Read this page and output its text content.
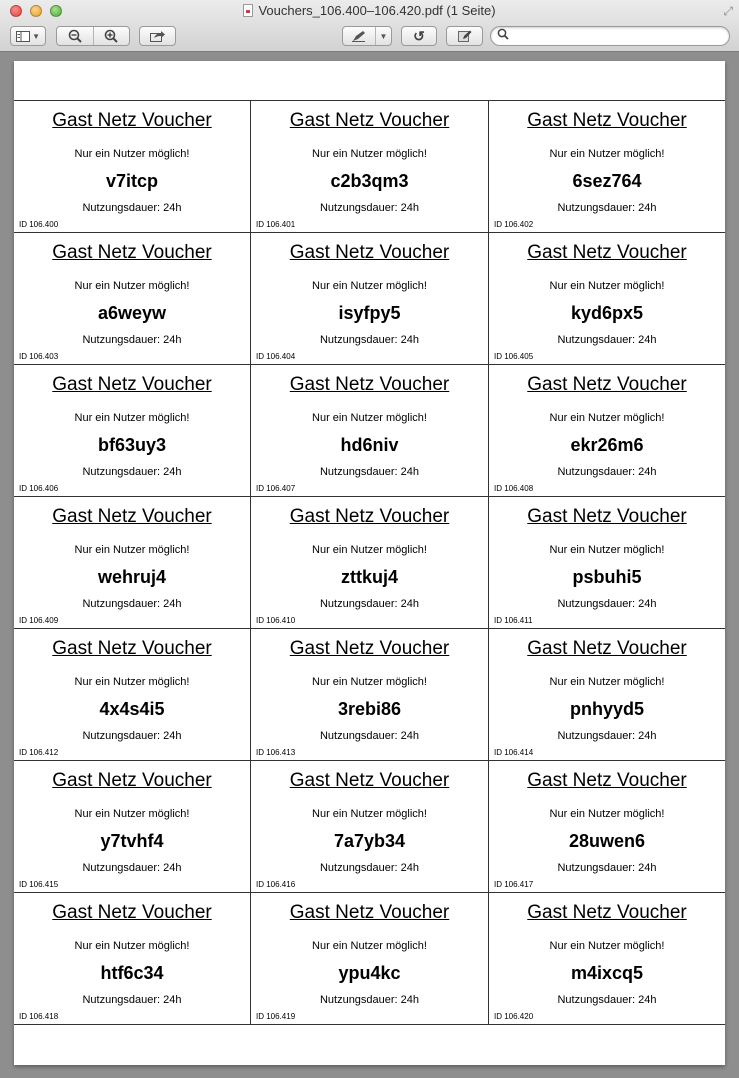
Vouchers_106.400–106.420.pdf (1 Seite)	⤢
▼	▼ ↺
Gast Netz Voucher
Nur ein Nutzer möglich!
v7itcp
Nutzungsdauer: 24h
ID 106.400
Gast Netz Voucher
Nur ein Nutzer möglich!
c2b3qm3
Nutzungsdauer: 24h
ID 106.401
Gast Netz Voucher
Nur ein Nutzer möglich!
6sez764
Nutzungsdauer: 24h
ID 106.402
Gast Netz Voucher
Nur ein Nutzer möglich!
a6weyw
Nutzungsdauer: 24h
ID 106.403
Gast Netz Voucher
Nur ein Nutzer möglich!
isyfpy5
Nutzungsdauer: 24h
ID 106.404
Gast Netz Voucher
Nur ein Nutzer möglich!
kyd6px5
Nutzungsdauer: 24h
ID 106.405
Gast Netz Voucher
Nur ein Nutzer möglich!
bf63uy3
Nutzungsdauer: 24h
ID 106.406
Gast Netz Voucher
Nur ein Nutzer möglich!
hd6niv
Nutzungsdauer: 24h
ID 106.407
Gast Netz Voucher
Nur ein Nutzer möglich!
ekr26m6
Nutzungsdauer: 24h
ID 106.408
Gast Netz Voucher
Nur ein Nutzer möglich!
wehruj4
Nutzungsdauer: 24h
ID 106.409
Gast Netz Voucher
Nur ein Nutzer möglich!
zttkuj4
Nutzungsdauer: 24h
ID 106.410
Gast Netz Voucher
Nur ein Nutzer möglich!
psbuhi5
Nutzungsdauer: 24h
ID 106.411
Gast Netz Voucher
Nur ein Nutzer möglich!
4x4s4i5
Nutzungsdauer: 24h
ID 106.412
Gast Netz Voucher
Nur ein Nutzer möglich!
3rebi86
Nutzungsdauer: 24h
ID 106.413
Gast Netz Voucher
Nur ein Nutzer möglich!
pnhyyd5
Nutzungsdauer: 24h
ID 106.414
Gast Netz Voucher
Nur ein Nutzer möglich!
y7tvhf4
Nutzungsdauer: 24h
ID 106.415
Gast Netz Voucher
Nur ein Nutzer möglich!
7a7yb34
Nutzungsdauer: 24h
ID 106.416
Gast Netz Voucher
Nur ein Nutzer möglich!
28uwen6
Nutzungsdauer: 24h
ID 106.417
Gast Netz Voucher
Nur ein Nutzer möglich!
htf6c34
Nutzungsdauer: 24h
ID 106.418
Gast Netz Voucher
Nur ein Nutzer möglich!
ypu4kc
Nutzungsdauer: 24h
ID 106.419
Gast Netz Voucher
Nur ein Nutzer möglich!
m4ixcq5
Nutzungsdauer: 24h
ID 106.420
